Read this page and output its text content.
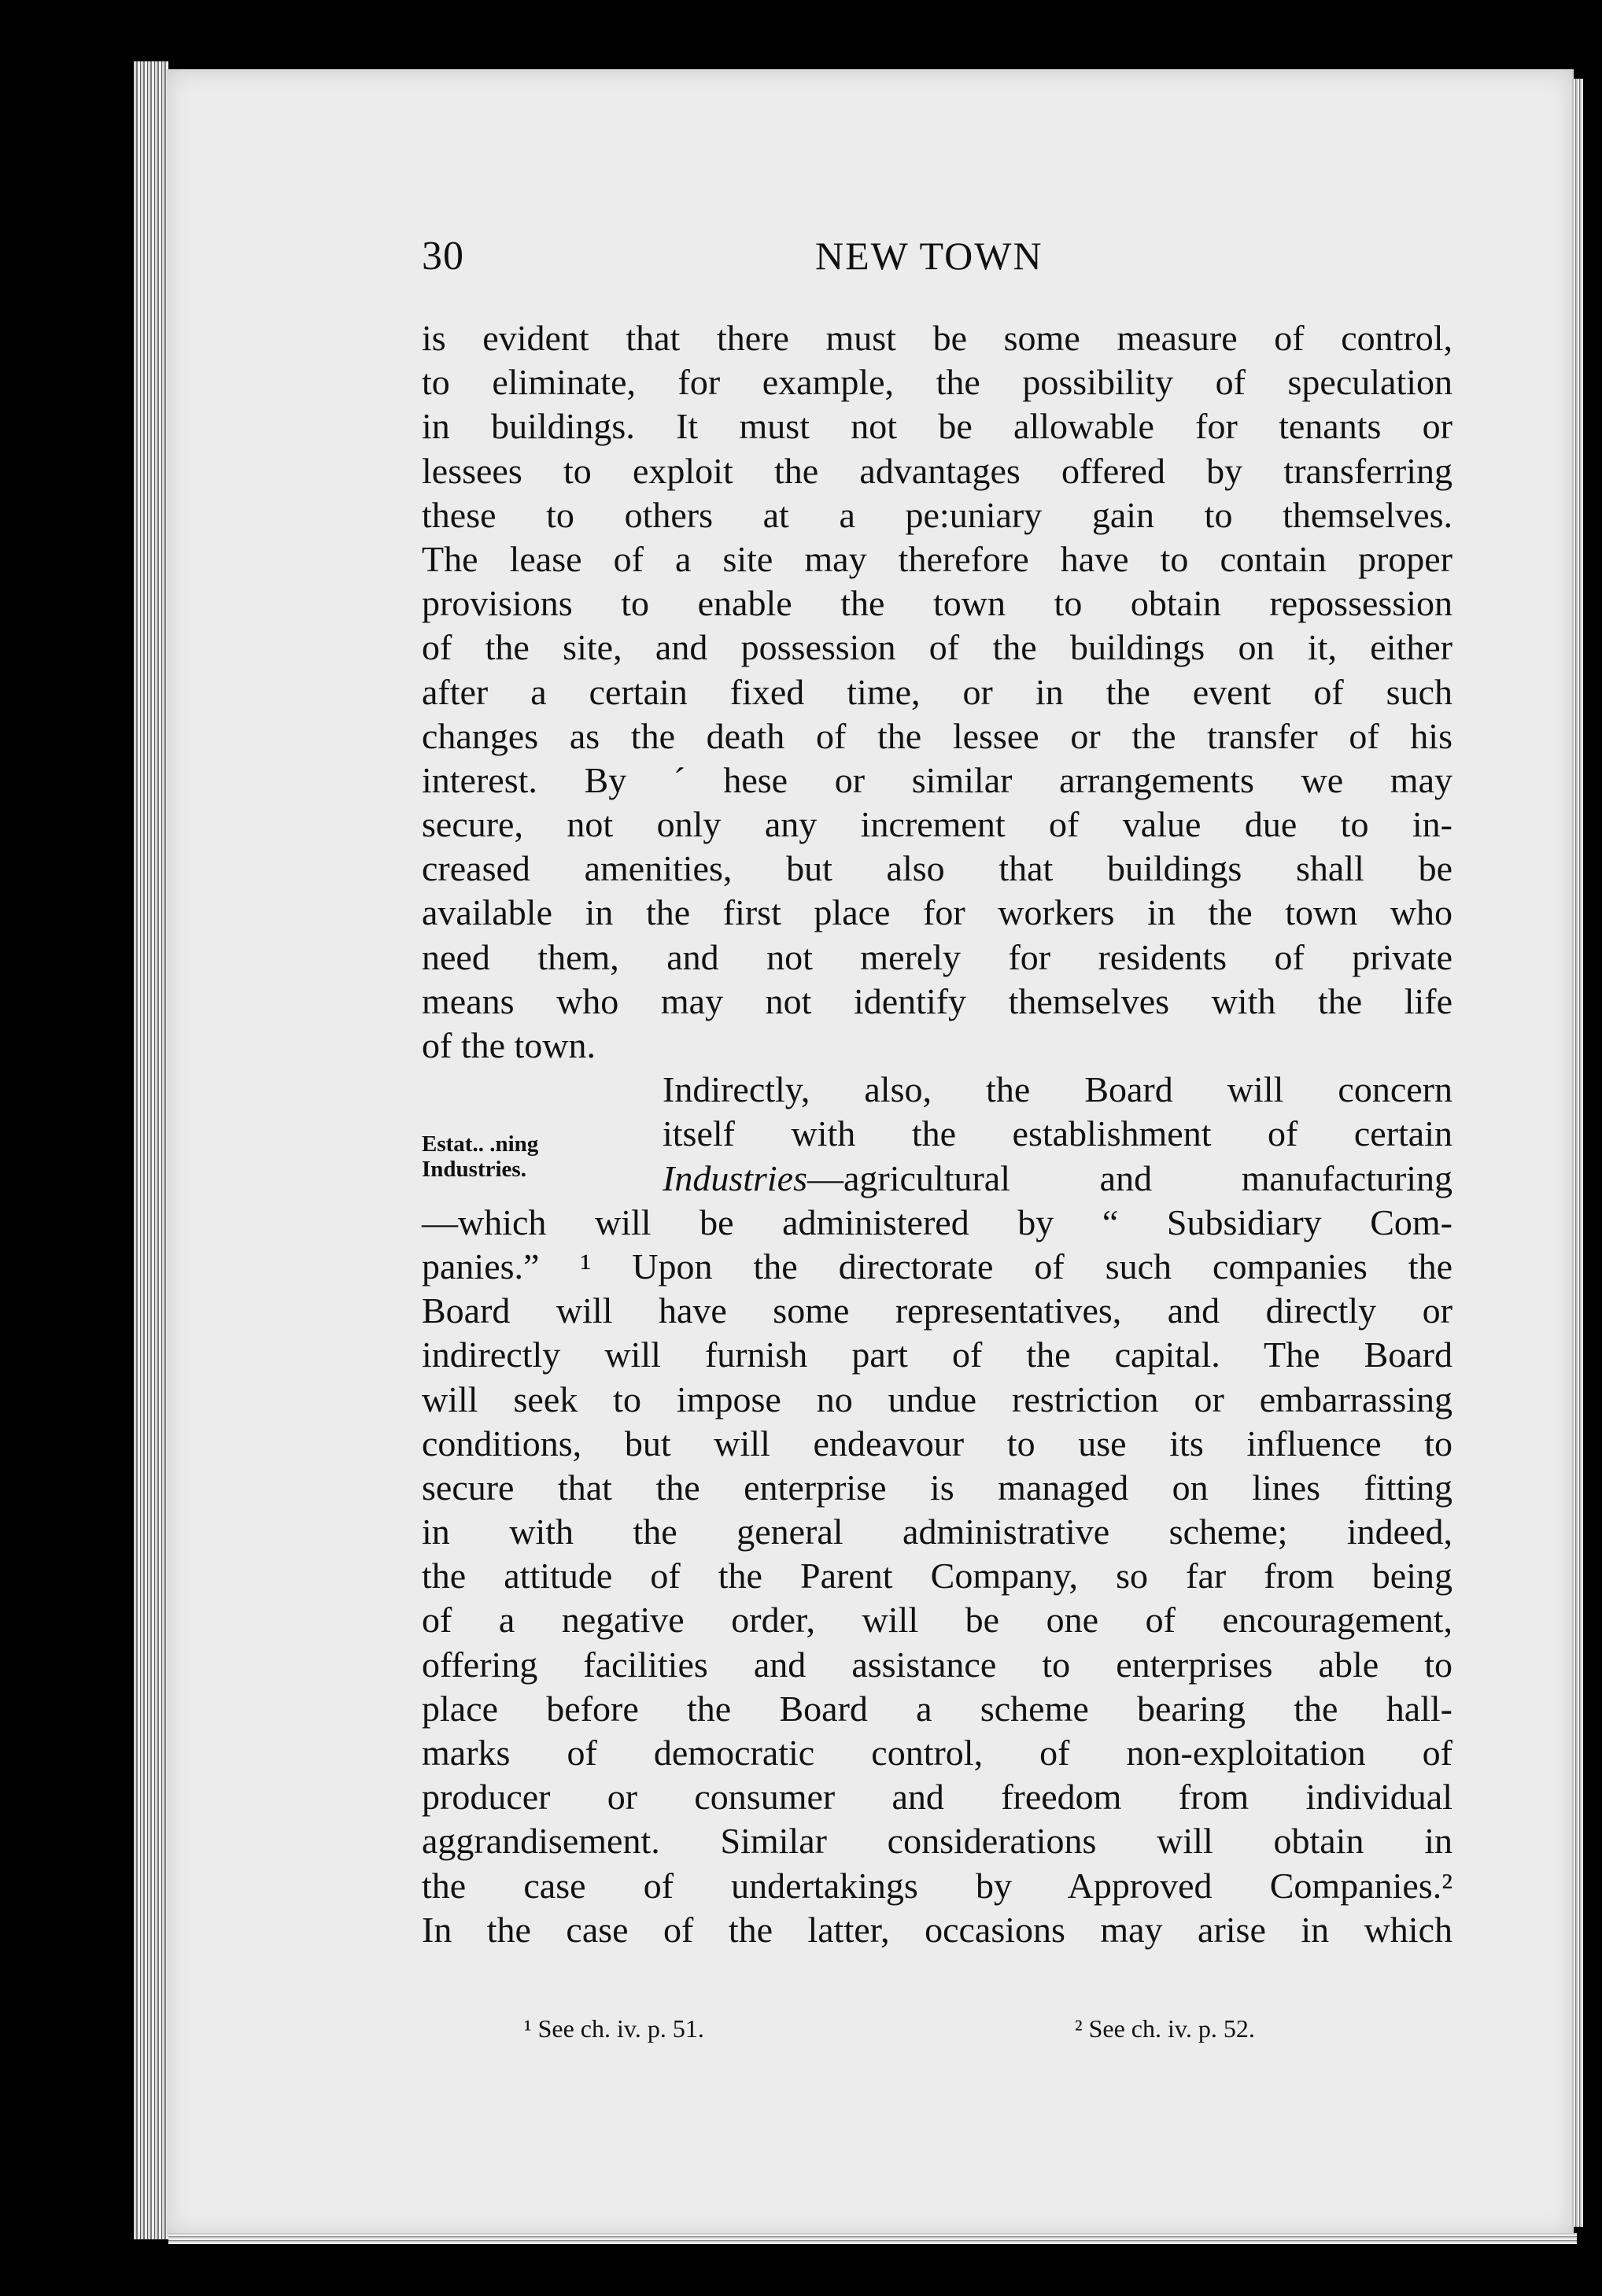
30	NEW TOWN
is evident that there must be some measure of control,
to eliminate, for example, the possibility of speculation
in buildings. It must not be allowable for tenants or
lessees to exploit the advantages offered by transferring
these to others at a pe:uniary gain to themselves.
The lease of a site may therefore have to contain proper
provisions to enable the town to obtain repossession
of the site, and possession of the buildings on it, either
after a certain fixed time, or in the event of such
changes as the death of the lessee or the transfer of his
interest. By ˊhese or similar arrangements we may
secure, not only any increment of value due to in-
creased amenities, but also that buildings shall be
available in the first place for workers in the town who
need them, and not merely for residents of private
means who may not identify themselves with the life
of the town.
Indirectly, also, the Board will concern
itself with the establishment of certain
Industries—agricultural and manufacturing
—which will be administered by “ Subsidiary Com-
panies.” ¹ Upon the directorate of such companies the
Board will have some representatives, and directly or
indirectly will furnish part of the capital. The Board
will seek to impose no undue restriction or embarrassing
conditions, but will endeavour to use its influence to
secure that the enterprise is managed on lines fitting
in with the general administrative scheme; indeed,
the attitude of the Parent Company, so far from being
of a negative order, will be one of encouragement,
offering facilities and assistance to enterprises able to
place before the Board a scheme bearing the hall-
marks of democratic control, of non-exploitation of
producer or consumer and freedom from individual
aggrandisement. Similar considerations will obtain in
the case of undertakings by Approved Companies.²
In the case of the latter, occasions may arise in which
Estat.. .ning
Industries.
¹ See ch. iv. p. 51.	² See ch. iv. p. 52.
